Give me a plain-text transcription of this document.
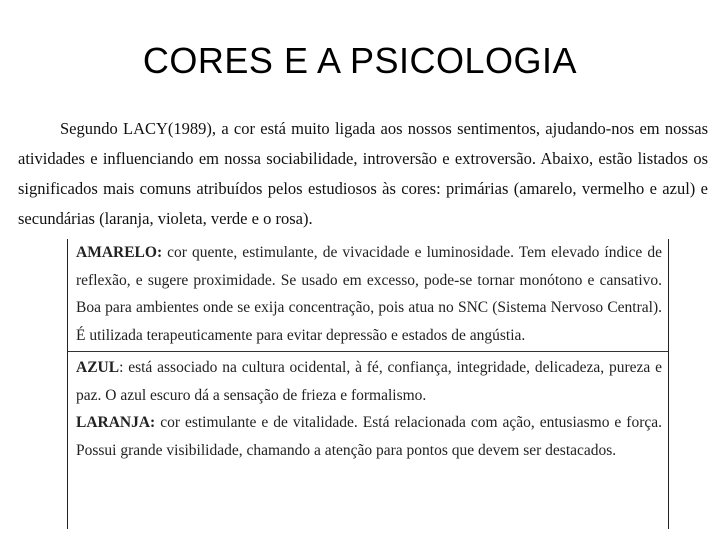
CORES E A PSICOLOGIA

Segundo LACY(1989), a cor está muito ligada aos nossos sentimentos, ajudando-nos em nossas atividades e influenciando em nossa sociabilidade, introversão e extroversão. Abaixo, estão listados os significados mais comuns atribuídos pelos estudiosos às cores: primárias (amarelo, vermelho e azul) e secundárias (laranja, violeta, verde e o rosa).

AMARELO: cor quente, estimulante, de vivacidade e luminosidade. Tem elevado índice de reflexão, e sugere proximidade. Se usado em excesso, pode-se tornar monótono e cansativo. Boa para ambientes onde se exija concentração, pois atua no SNC (Sistema Nervoso Central). É utilizada terapeuticamente para evitar depressão e estados de angústia.

AZUL: está associado na cultura ocidental, à fé, confiança, integridade, delicadeza, pureza e paz. O azul escuro dá a sensação de frieza e formalismo.

LARANJA: cor estimulante e de vitalidade. Está relacionada com ação, entusiasmo e força. Possui grande visibilidade, chamando a atenção para pontos que devem ser destacados.
